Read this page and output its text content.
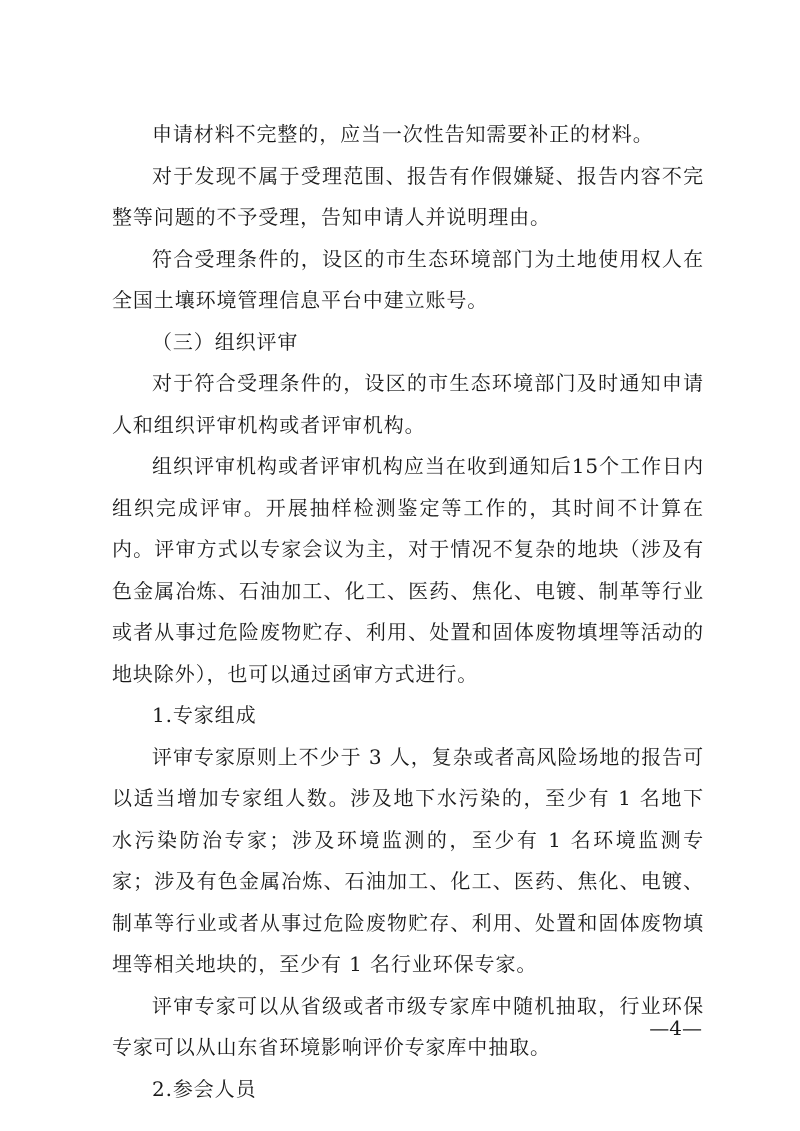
申请材料不完整的，应当一次性告知需要补正的材料。

对于发现不属于受理范围、报告有作假嫌疑、报告内容不完整等问题的不予受理，告知申请人并说明理由。

符合受理条件的，设区的市生态环境部门为土地使用权人在全国土壤环境管理信息平台中建立账号。

（三）组织评审

对于符合受理条件的，设区的市生态环境部门及时通知申请人和组织评审机构或者评审机构。

组织评审机构或者评审机构应当在收到通知后15个工作日内组织完成评审。开展抽样检测鉴定等工作的，其时间不计算在内。评审方式以专家会议为主，对于情况不复杂的地块（涉及有色金属冶炼、石油加工、化工、医药、焦化、电镀、制革等行业或者从事过危险废物贮存、利用、处置和固体废物填埋等活动的地块除外），也可以通过函审方式进行。

1.专家组成

评审专家原则上不少于 3 人，复杂或者高风险场地的报告可以适当增加专家组人数。涉及地下水污染的，至少有 1 名地下水污染防治专家；涉及环境监测的，至少有 1 名环境监测专家；涉及有色金属冶炼、石油加工、化工、医药、焦化、电镀、制革等行业或者从事过危险废物贮存、利用、处置和固体废物填埋等相关地块的，至少有 1 名行业环保专家。

评审专家可以从省级或者市级专家库中随机抽取，行业环保专家可以从山东省环境影响评价专家库中抽取。

2.参会人员

—4—
